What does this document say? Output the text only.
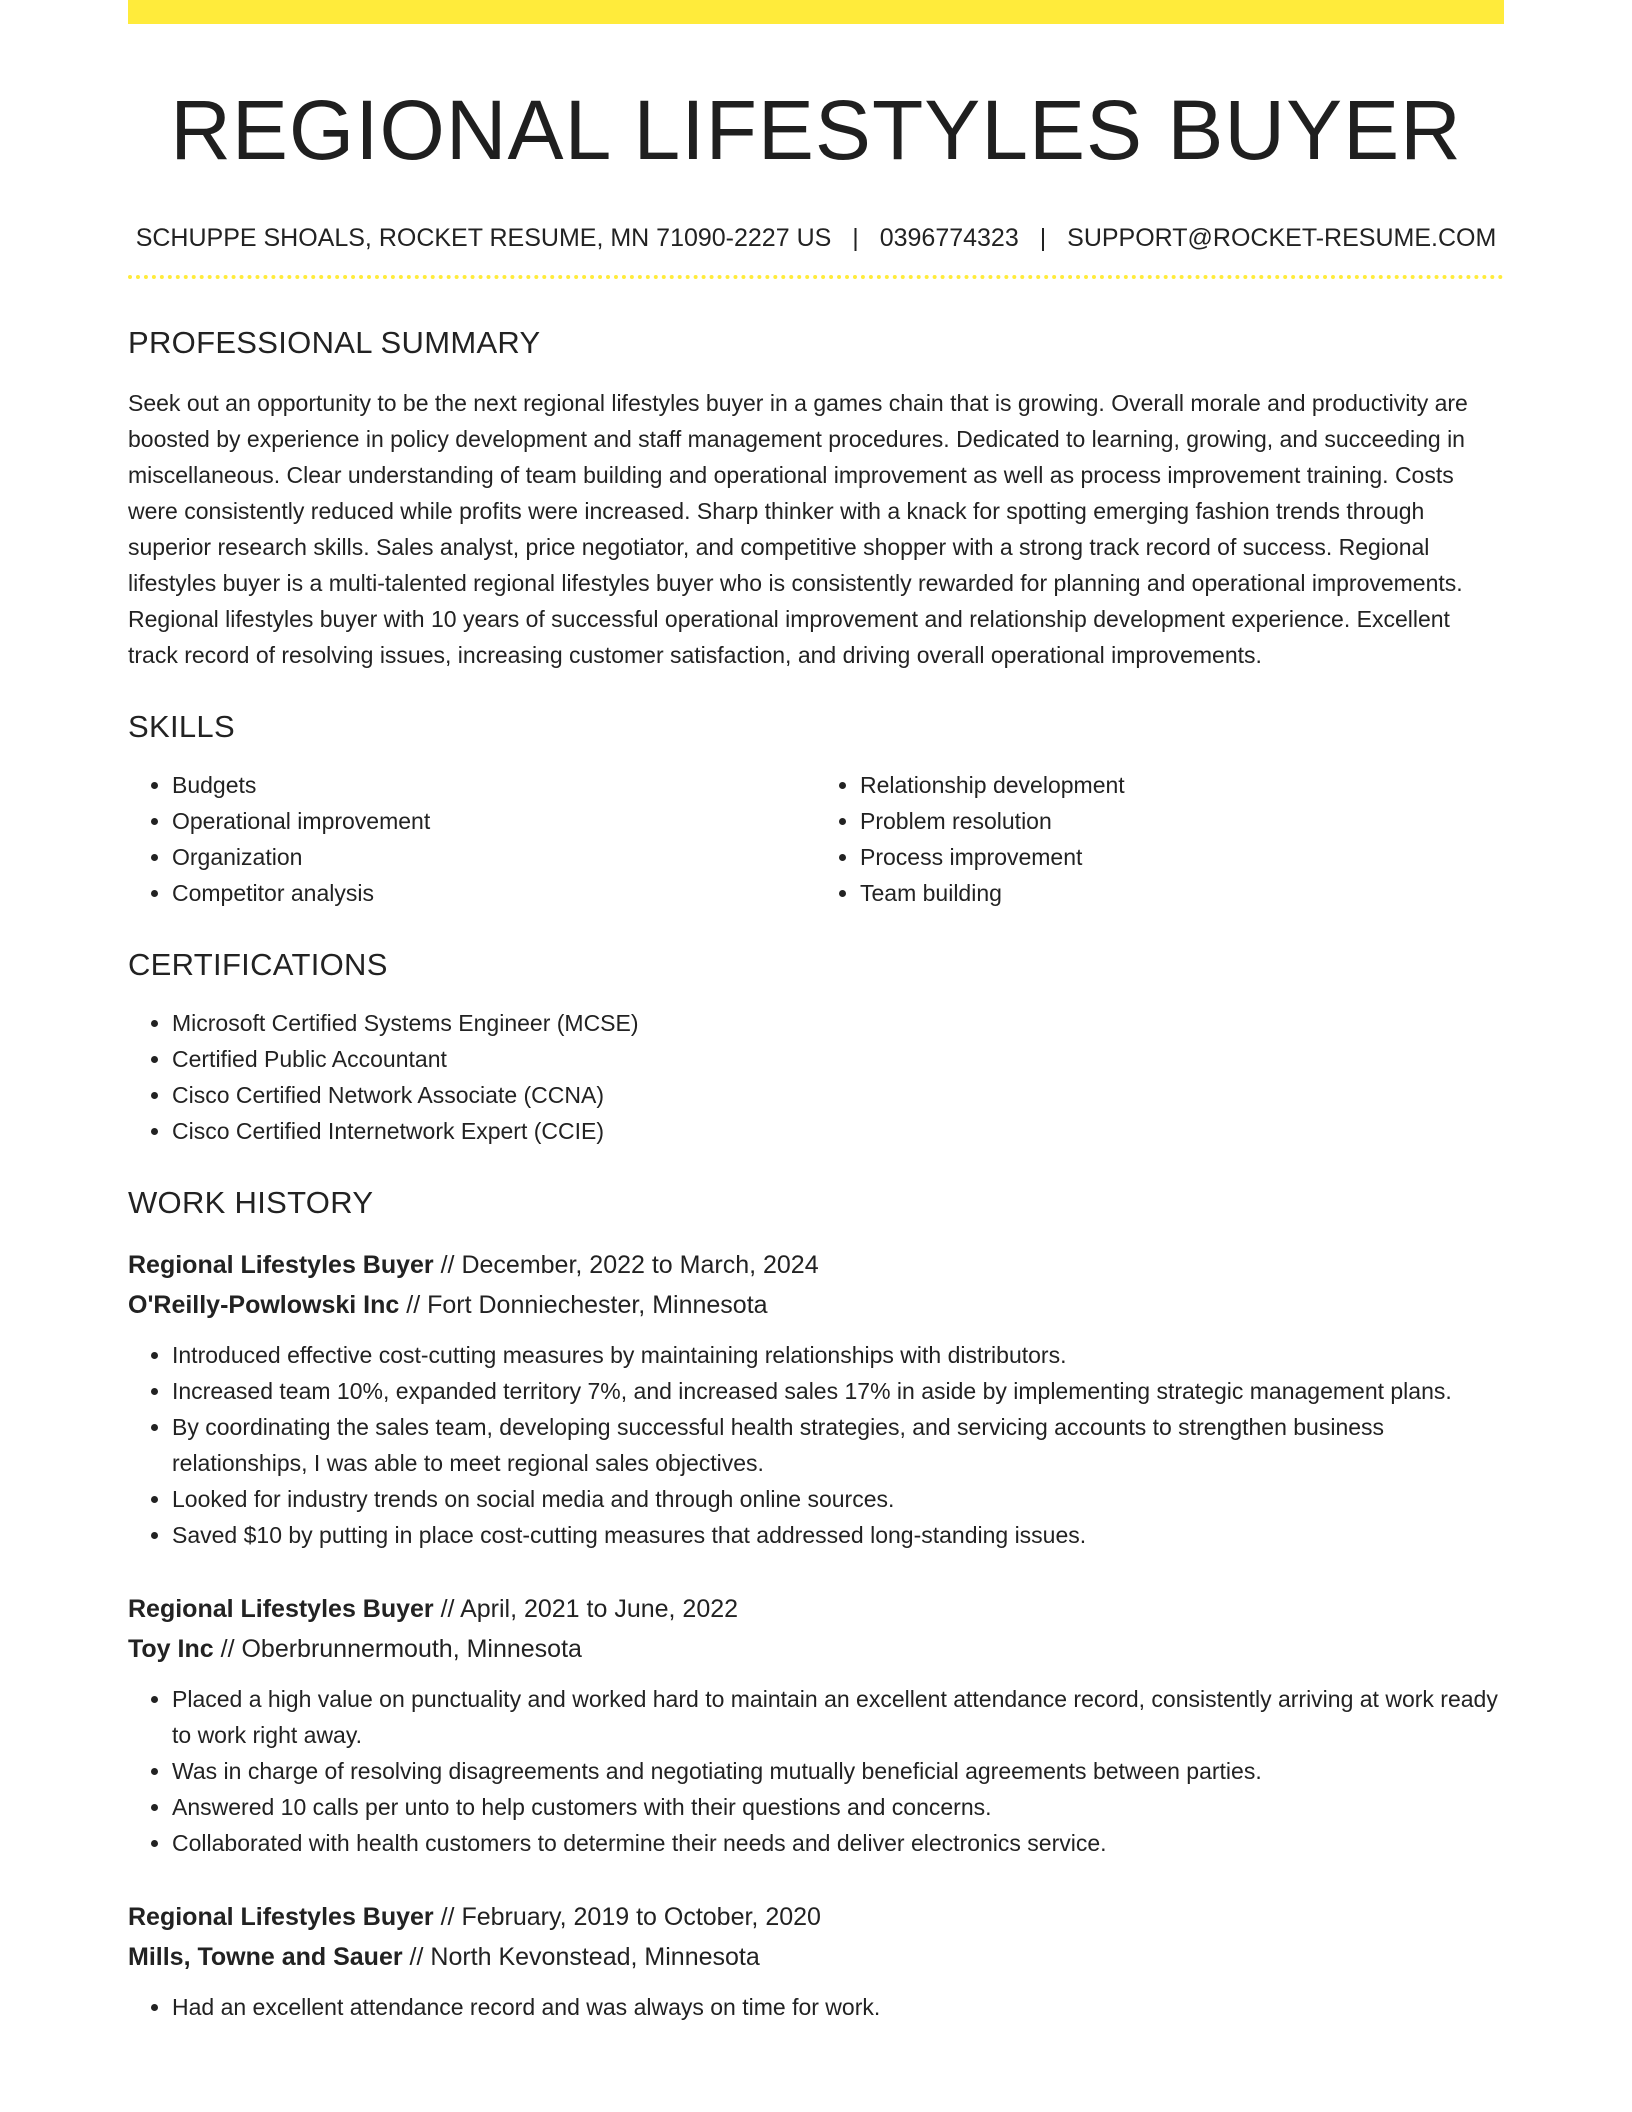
REGIONAL LIFESTYLES BUYER
SCHUPPE SHOALS, ROCKET RESUME, MN 71090-2227 US | 0396774323 | SUPPORT@ROCKET-RESUME.COM
PROFESSIONAL SUMMARY

Seek out an opportunity to be the next regional lifestyles buyer in a games chain that is growing. Overall morale and productivity are boosted by experience in policy development and staff management procedures. Dedicated to learning, growing, and succeeding in miscellaneous. Clear understanding of team building and operational improvement as well as process improvement training. Costs were consistently reduced while profits were increased. Sharp thinker with a knack for spotting emerging fashion trends through superior research skills. Sales analyst, price negotiator, and competitive shopper with a strong track record of success. Regional lifestyles buyer is a multi-talented regional lifestyles buyer who is consistently rewarded for planning and operational improvements. Regional lifestyles buyer with 10 years of successful operational improvement and relationship development experience. Excellent track record of resolving issues, increasing customer satisfaction, and driving overall operational improvements.

SKILLS
• Budgets
• Operational improvement
• Organization
• Competitor analysis
• Relationship development
• Problem resolution
• Process improvement
• Team building
CERTIFICATIONS
• Microsoft Certified Systems Engineer (MCSE)
• Certified Public Accountant
• Cisco Certified Network Associate (CCNA)
• Cisco Certified Internetwork Expert (CCIE)
WORK HISTORY
Regional Lifestyles Buyer // December, 2022 to March, 2024
O'Reilly-Powlowski Inc // Fort Donniechester, Minnesota
• Introduced effective cost-cutting measures by maintaining relationships with distributors.
• Increased team 10%, expanded territory 7%, and increased sales 17% in aside by implementing strategic management plans.
• By coordinating the sales team, developing successful health strategies, and servicing accounts to strengthen business relationships, I was able to meet regional sales objectives.
• Looked for industry trends on social media and through online sources.
• Saved $10 by putting in place cost-cutting measures that addressed long-standing issues.
Regional Lifestyles Buyer // April, 2021 to June, 2022
Toy Inc // Oberbrunnermouth, Minnesota
• Placed a high value on punctuality and worked hard to maintain an excellent attendance record, consistently arriving at work ready to work right away.
• Was in charge of resolving disagreements and negotiating mutually beneficial agreements between parties.
• Answered 10 calls per unto to help customers with their questions and concerns.
• Collaborated with health customers to determine their needs and deliver electronics service.
Regional Lifestyles Buyer // February, 2019 to October, 2020
Mills, Towne and Sauer // North Kevonstead, Minnesota
• Had an excellent attendance record and was always on time for work.
